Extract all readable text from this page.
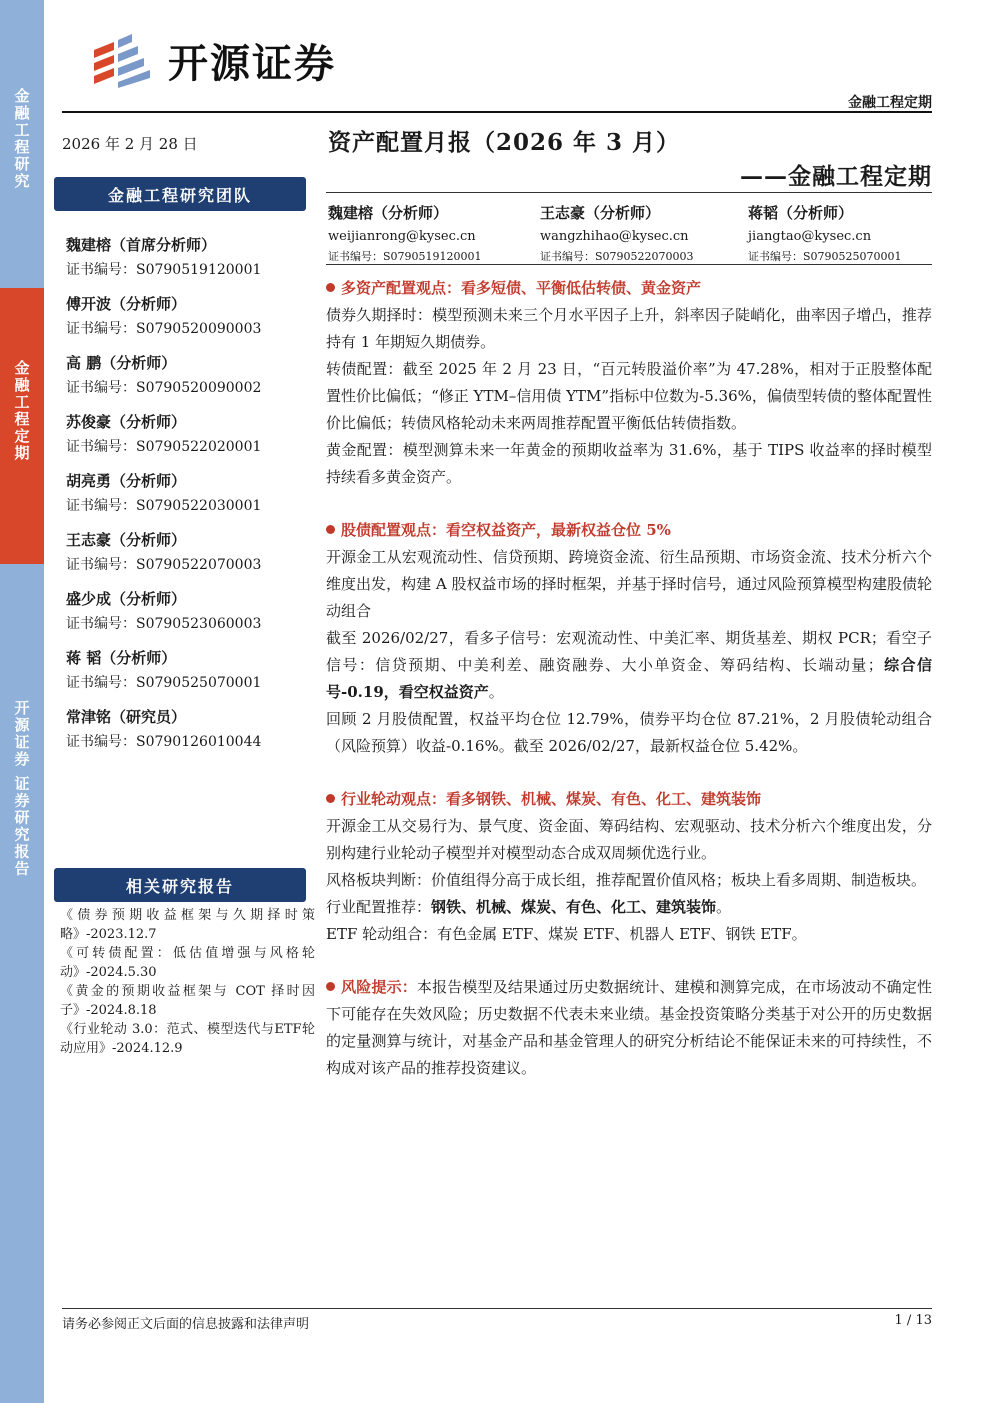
金融工程研究
金融工程定期
开源证券 证券研究报告
开源证券
金融工程定期
2026 年 2 月 28 日	资产配置月报（2026 年 3 月）
——金融工程定期
金融工程研究团队
魏建榕（首席分析师）
证书编号：S0790519120001
傅开波（分析师）
证书编号：S0790520090003
高 鹏（分析师）
证书编号：S0790520090002
苏俊豪（分析师）
证书编号：S0790522020001
胡亮勇（分析师）
证书编号：S0790522030001
王志豪（分析师）
证书编号：S0790522070003
盛少成（分析师）
证书编号：S0790523060003
蒋 韬（分析师）
证书编号：S0790525070001
常津铭（研究员）
证书编号：S0790126010044
相关研究报告
《债券预期收益框架与久期择时策略》-2023.12.7
《可转债配置：低估值增强与风格轮动》-2024.5.30
《黄金的预期收益框架与 COT 择时因子》-2024.8.18
《行业轮动 3.0：范式、模型迭代与ETF轮动应用》-2024.12.9
魏建榕（分析师）
weijianrong@kysec.cn
证书编号：S0790519120001
王志豪（分析师）
wangzhihao@kysec.cn
证书编号：S0790522070003
蒋韬（分析师）
jiangtao@kysec.cn
证书编号：S0790525070001
多资产配置观点：看多短债、平衡低估转债、黄金资产

债券久期择时：模型预测未来三个月水平因子上升，斜率因子陡峭化，曲率因子增凸，推荐持有 1 年期短久期债券。

转债配置：截至 2025 年 2 月 23 日，“百元转股溢价率”为 47.28%，相对于正股整体配置性价比偏低；“修正 YTM–信用债 YTM”指标中位数为-5.36%，偏债型转债的整体配置性价比偏低；转债风格轮动未来两周推荐配置平衡低估转债指数。

黄金配置：模型测算未来一年黄金的预期收益率为 31.6%，基于 TIPS 收益率的择时模型持续看多黄金资产。

股债配置观点：看空权益资产，最新权益仓位 5%

开源金工从宏观流动性、信贷预期、跨境资金流、衍生品预期、市场资金流、技术分析六个维度出发，构建 A 股权益市场的择时框架，并基于择时信号，通过风险预算模型构建股债轮动组合

截至 2026/02/27，看多子信号：宏观流动性、中美汇率、期货基差、期权 PCR；看空子信号：信贷预期、中美利差、融资融券、大小单资金、筹码结构、长端动量；综合信号-0.19，看空权益资产。

回顾 2 月股债配置，权益平均仓位 12.79%，债券平均仓位 87.21%，2 月股债轮动组合（风险预算）收益-0.16%。截至 2026/02/27，最新权益仓位 5.42%。

行业轮动观点：看多钢铁、机械、煤炭、有色、化工、建筑装饰

开源金工从交易行为、景气度、资金面、筹码结构、宏观驱动、技术分析六个维度出发，分别构建行业轮动子模型并对模型动态合成双周频优选行业。

风格板块判断：价值组得分高于成长组，推荐配置价值风格；板块上看多周期、制造板块。

行业配置推荐：钢铁、机械、煤炭、有色、化工、建筑装饰。

ETF 轮动组合：有色金属 ETF、煤炭 ETF、机器人 ETF、钢铁 ETF。

风险提示：本报告模型及结果通过历史数据统计、建模和测算完成，在市场波动不确定性下可能存在失效风险；历史数据不代表未来业绩。基金投资策略分类基于对公开的历史数据的定量测算与统计，对基金产品和基金管理人的研究分析结论不能保证未来的可持续性，不构成对该产品的推荐投资建议。

请务必参阅正文后面的信息披露和法律声明	1 / 13
